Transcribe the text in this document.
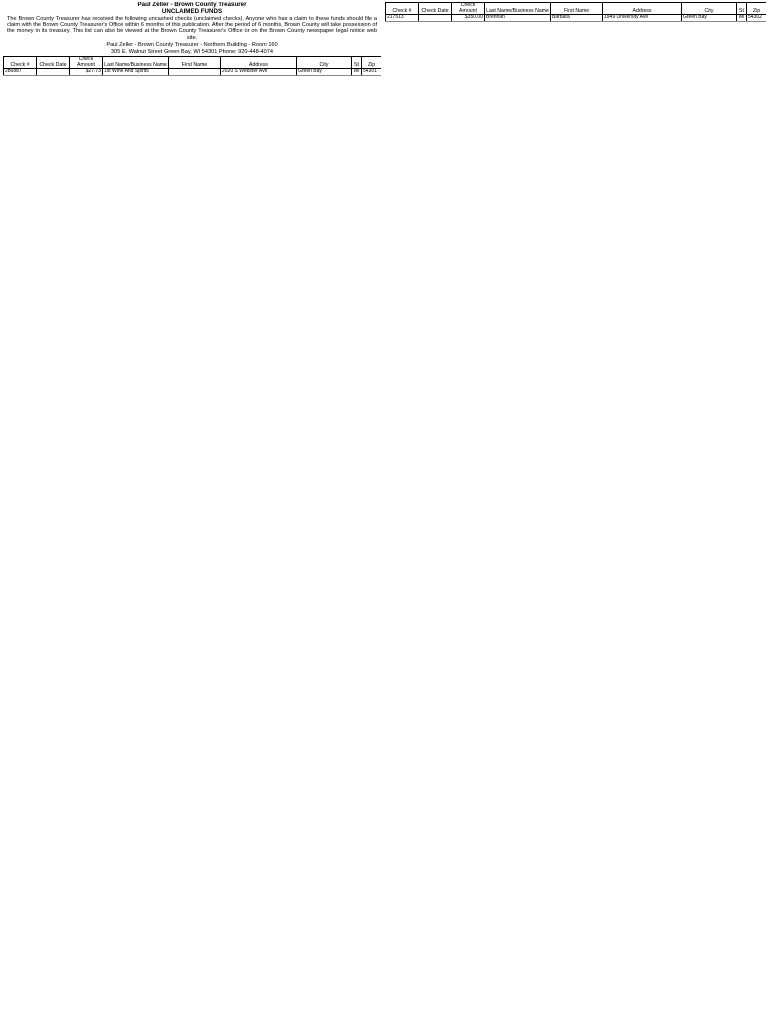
Paul Zeller - Brown County Treasurer
UNCLAIMED FUNDS
The Brown County Treasurer has received the following uncashed checks (unclaimed checks). Anyone who has a claim to these funds should file a claim with the Brown County Treasurer's Office within 6 months of this publication. After the period of 6 months, Brown County will take possession of the money in its treasury. This list can also be viewed at the Brown County Treasurer's Office or on the Brown County newspaper legal notice web site.
Paul Zeller - Brown County Treasurer - Northern Building - Room 160
305 E. Walnut Street Green Bay, WI 54301 Phone: 920-448-4074
Check #	Check Date	Check Amount	Last Name/Business Name	First Name	Address	City	St	Zip
286887		$27.73	1st Wine And Spirits		2020 S Webster Ave	Green Bay	WI	54301
Check #	Check Date	Check Amount	Last Name/Business Name	First Name	Address	City	St	Zip
217513		$350.00	Brennan	Barbara	1949 University Ave	Green Bay	WI	54302
